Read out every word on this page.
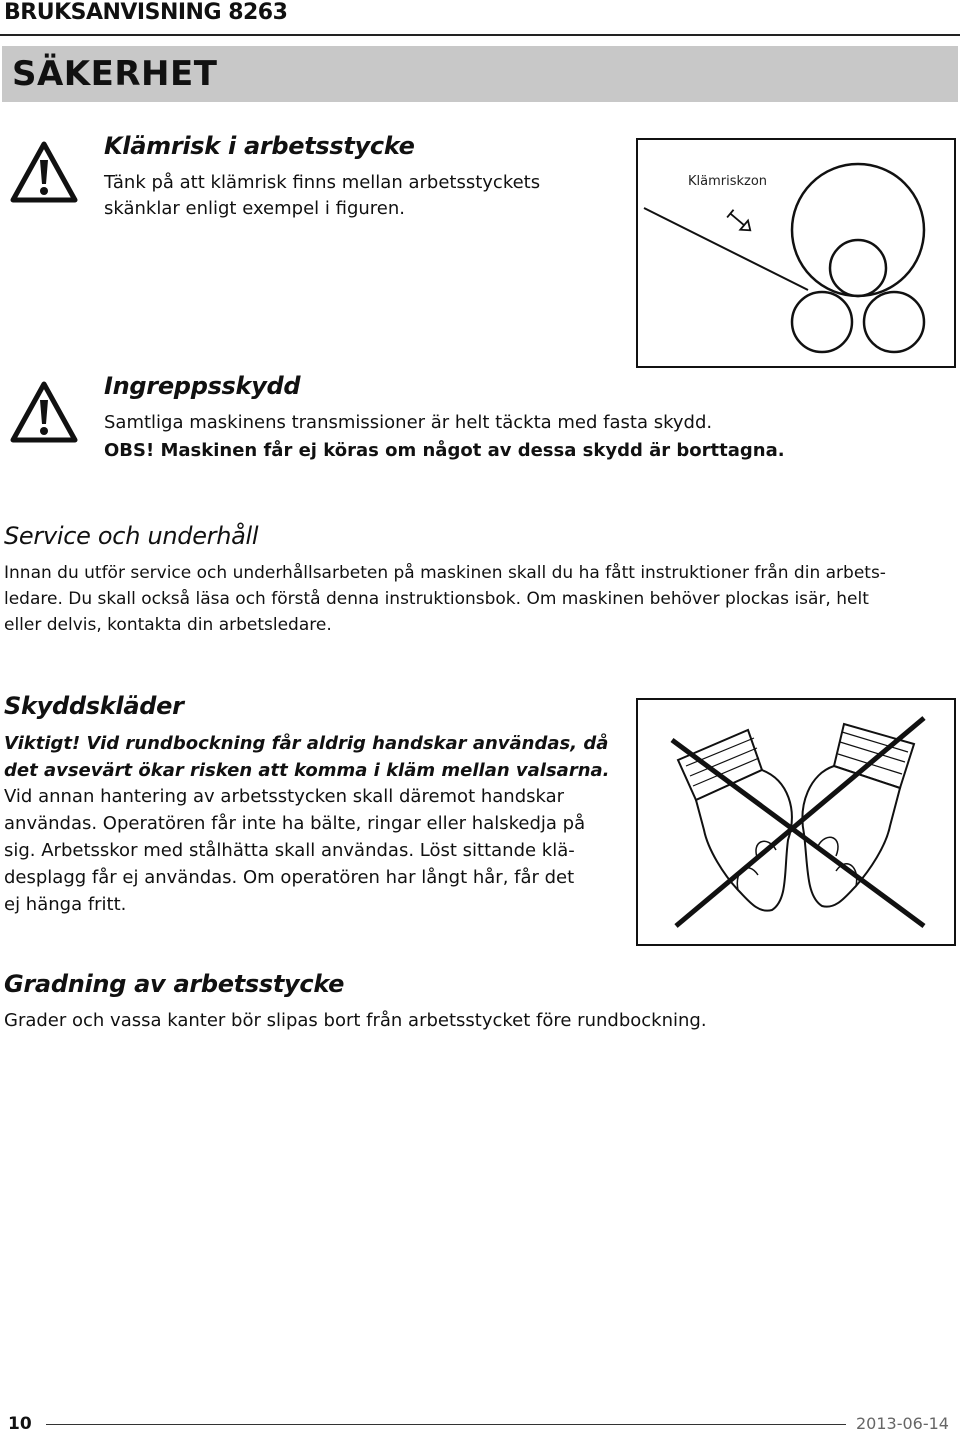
BRUKSANVISNING 8263
SÄKERHET
Klämrisk i arbetsstycke
Tänk på att klämrisk finns mellan arbetsstyckets
skänklar enligt exempel i figuren.
Klämriskzon
Ingreppsskydd
Samtliga maskinens transmissioner är helt täckta med fasta skydd.
OBS! Maskinen får ej köras om något av dessa skydd är borttagna.
Service och underhåll
Innan du utför service och underhållsarbeten på maskinen skall du ha fått instruktioner från din arbets-
ledare. Du skall också läsa och förstå denna instruktionsbok. Om maskinen behöver plockas isär, helt
eller delvis, kontakta din arbetsledare.
Skyddskläder
Viktigt! Vid rundbockning får aldrig handskar användas, då
det avsevärt ökar risken att komma i kläm mellan valsarna.
Vid annan hantering av arbetsstycken skall däremot handskar
användas. Operatören får inte ha bälte, ringar eller halskedja på
sig. Arbetsskor med stålhätta skall användas. Löst sittande klä-
desplagg får ej användas. Om operatören har långt hår, får det
ej hänga fritt.
Gradning av arbetsstycke
Grader och vassa kanter bör slipas bort från arbetsstycket före rundbockning.
10	2013-06-14
